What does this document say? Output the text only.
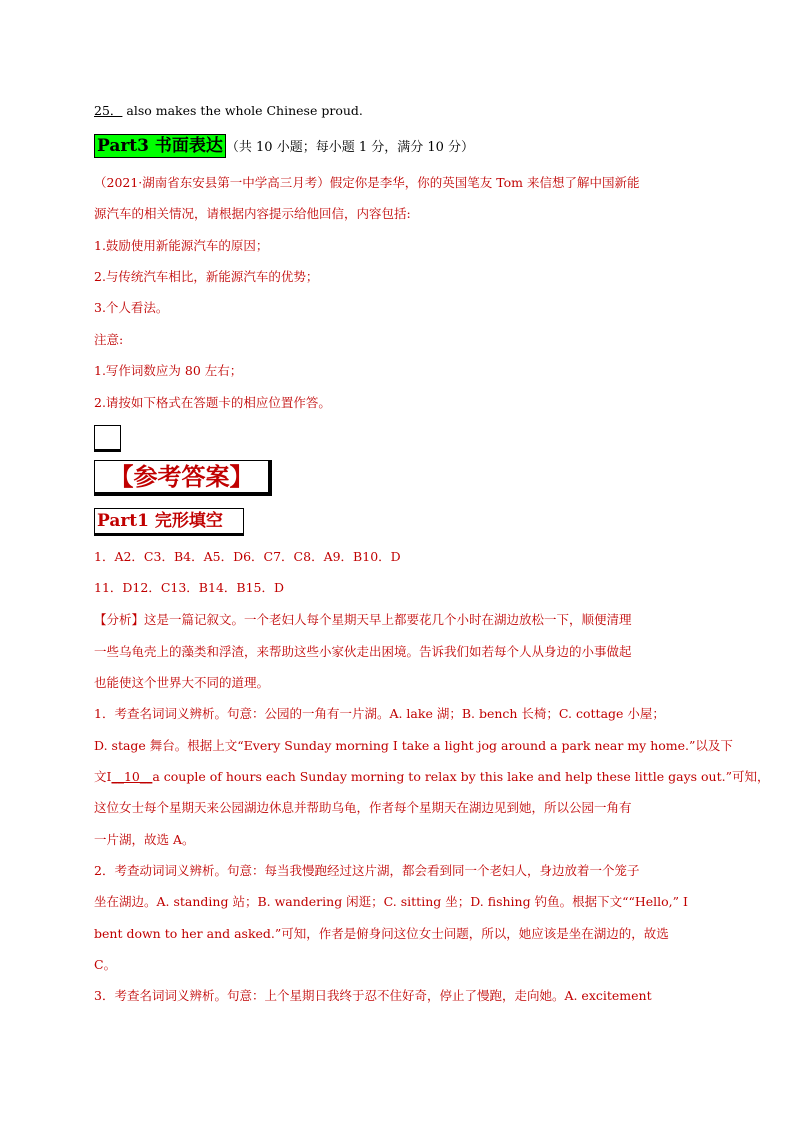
25． also makes the whole Chinese proud.
Part3 书面表达 （共 10 小题；每小题 1 分，满分 10 分）
（2021·湖南省东安县第一中学高三月考）假定你是李华，你的英国笔友 Tom 来信想了解中国新能
源汽车的相关情况，请根据内容提示给他回信，内容包括:
1.鼓励使用新能源汽车的原因；
2.与传统汽车相比，新能源汽车的优势；
3.个人看法。
注意:
1.写作词数应为 80 左右；
2.请按如下格式在答题卡的相应位置作答。
【参考答案】
Part1 完形填空
1．A2．C3．B4．A5．D6．C7．C8．A9．B10．D
11．D12．C13．B14．B15．D
【分析】这是一篇记叙文。一个老妇人每个星期天早上都要花几个小时在湖边放松一下，顺便清理
一些乌龟壳上的藻类和浮渣，来帮助这些小家伙走出困境。告诉我们如若每个人从身边的小事做起
也能使这个世界大不同的道理。
1．考查名词词义辨析。句意：公园的一角有一片湖。A. lake 湖；B. bench 长椅；C. cottage 小屋；
D. stage 舞台。根据上文“Every Sunday morning I take a light jog around a park near my home.”以及下
文I__10__a couple of hours each Sunday morning to relax by this lake and help these little gays out.”可知，
这位女士每个星期天来公园湖边休息并帮助乌龟，作者每个星期天在湖边见到她，所以公园一角有
一片湖，故选 A。
2．考查动词词义辨析。句意：每当我慢跑经过这片湖，都会看到同一个老妇人，身边放着一个笼子
坐在湖边。A. standing 站；B. wandering 闲逛；C. sitting 坐；D. fishing 钓鱼。根据下文““Hello,” I
bent down to her and asked.”可知，作者是俯身问这位女士问题，所以，她应该是坐在湖边的，故选
C。
3．考查名词词义辨析。句意：上个星期日我终于忍不住好奇，停止了慢跑，走向她。A. excitement
